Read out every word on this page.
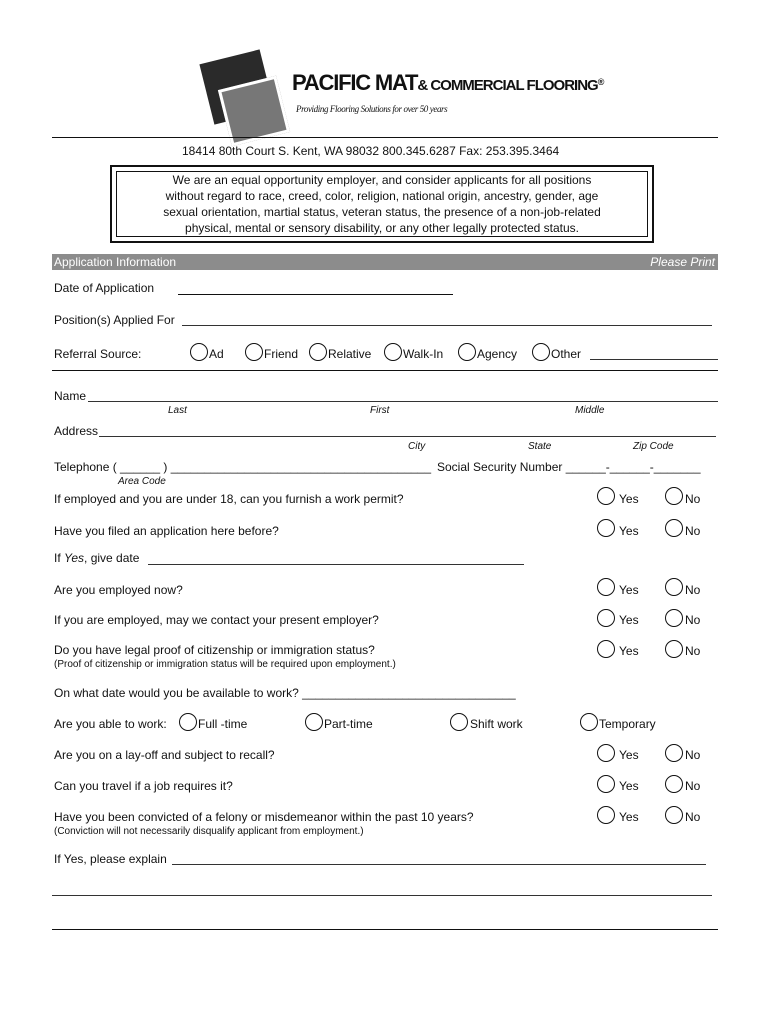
PACIFIC MAT& COMMERCIAL FLOORING®
Providing Flooring Solutions for over 50 years
18414 80th Court S. Kent, WA 98032 800.345.6287 Fax: 253.395.3464
We are an equal opportunity employer, and consider applicants for all positions
without regard to race, creed, color, religion, national origin, ancestry, gender, age
sexual orientation, martial status, veteran status, the presence of a non-job-related
physical, mental or sensory disability, or any other legally protected status.
Application Information	Please Print
Date of Application
Position(s) Applied For
Referral Source:	Ad	Friend Relative	Walk-In	Agency	Other
Name
Last	First	Middle
Address
City	State	Zip Code
Telephone ( ______ ) _______________________________________ Social Security Number ______-______-_______
Area Code
If employed and you are under 18, can you furnish a work permit?	Yes	No
Have you filed an application here before?	Yes	No
If Yes, give date
Are you employed now?	Yes	No
If you are employed, may we contact your present employer?	Yes	No
Do you have legal proof of citizenship or immigration status?
(Proof of citizenship or immigration status will be required upon employment.)
Yes	No
On what date would you be available to work? ________________________________
Are you able to work:	Full -time	Part-time	Shift work	Temporary
Are you on a lay-off and subject to recall?	Yes	No
Can you travel if a job requires it?	Yes	No
Have you been convicted of a felony or misdemeanor within the past 10 years?
(Conviction will not necessarily disqualify applicant from employment.)
Yes	No
If Yes, please explain
